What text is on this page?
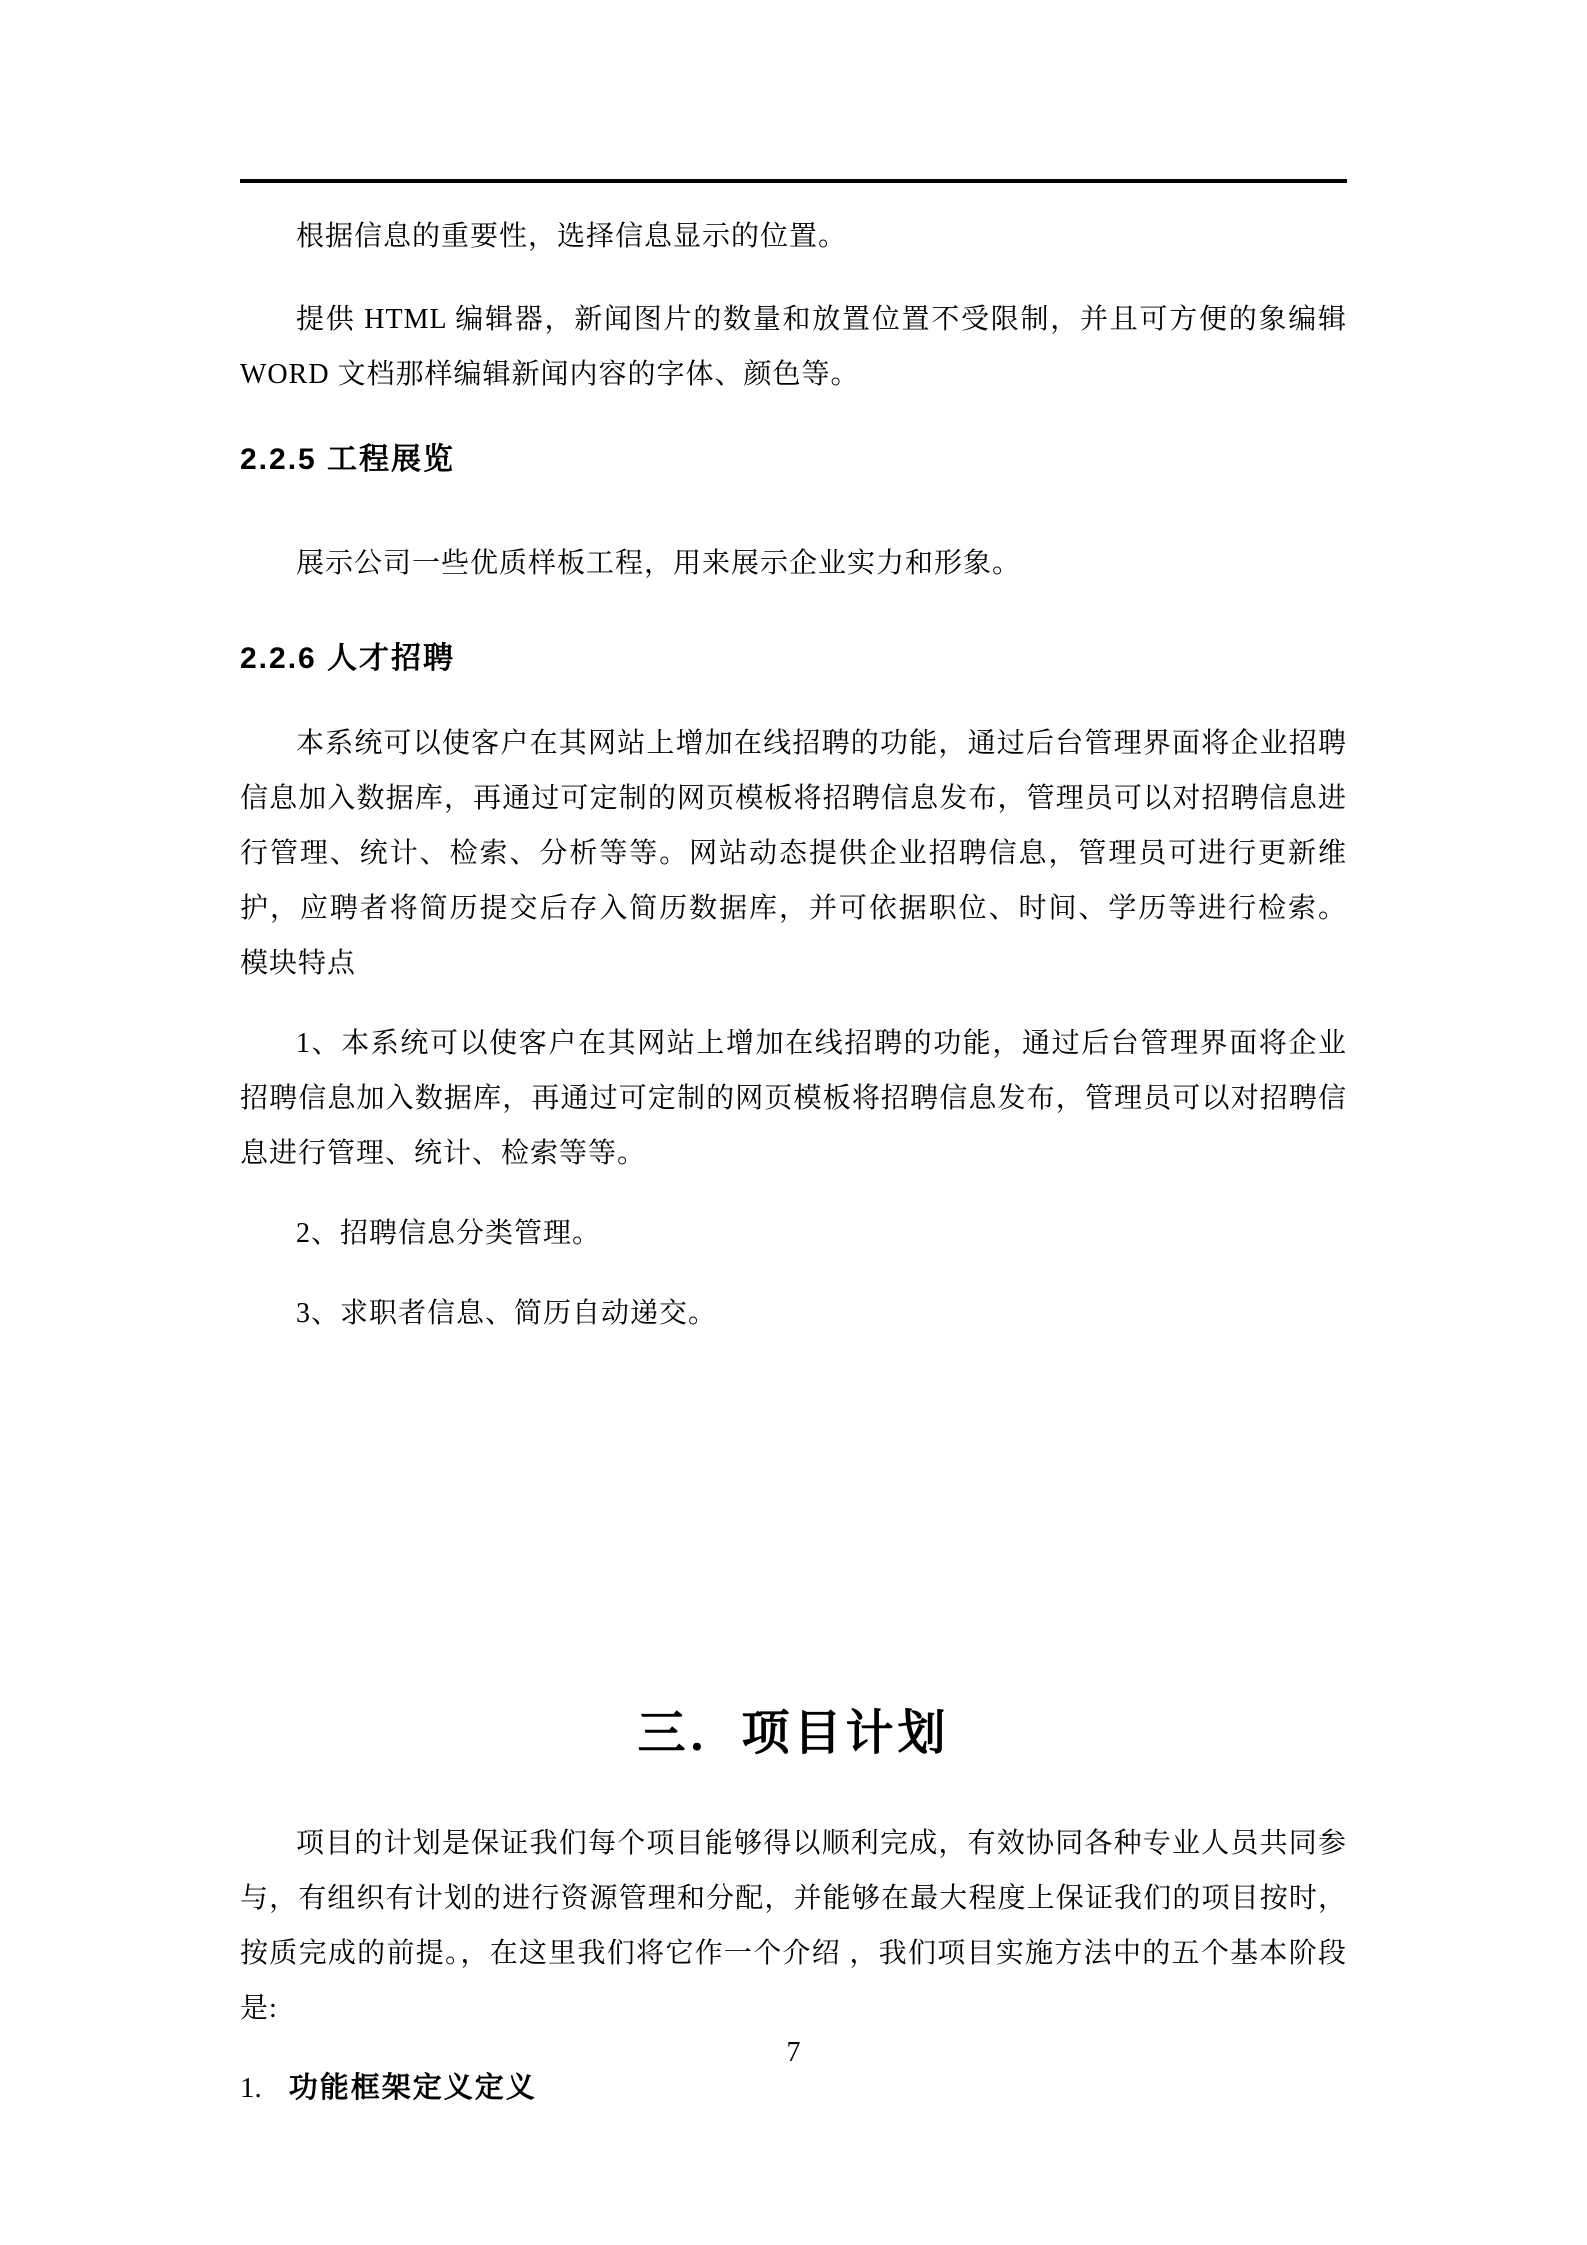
根据信息的重要性，选择信息显示的位置。

提供 HTML 编辑器，新闻图片的数量和放置位置不受限制，并且可方便的象编辑 WORD 文档那样编辑新闻内容的字体、颜色等。

2.2.5 工程展览

展示公司一些优质样板工程，用来展示企业实力和形象。

2.2.6 人才招聘

本系统可以使客户在其网站上增加在线招聘的功能，通过后台管理界面将企业招聘信息加入数据库，再通过可定制的网页模板将招聘信息发布，管理员可以对招聘信息进行管理、统计、检索、分析等等。网站动态提供企业招聘信息，管理员可进行更新维护，应聘者将简历提交后存入简历数据库，并可依据职位、时间、学历等进行检索。 模块特点

1、本系统可以使客户在其网站上增加在线招聘的功能，通过后台管理界面将企业招聘信息加入数据库，再通过可定制的网页模板将招聘信息发布，管理员可以对招聘信息进行管理、统计、检索等等。

2、招聘信息分类管理。

3、求职者信息、简历自动递交。

三．项目计划

项目的计划是保证我们每个项目能够得以顺利完成，有效协同各种专业人员共同参与，有组织有计划的进行资源管理和分配，并能够在最大程度上保证我们的项目按时，按质完成的前提。，在这里我们将它作一个介绍 ，我们项目实施方法中的五个基本阶段是:

1. 功能框架定义定义
7
